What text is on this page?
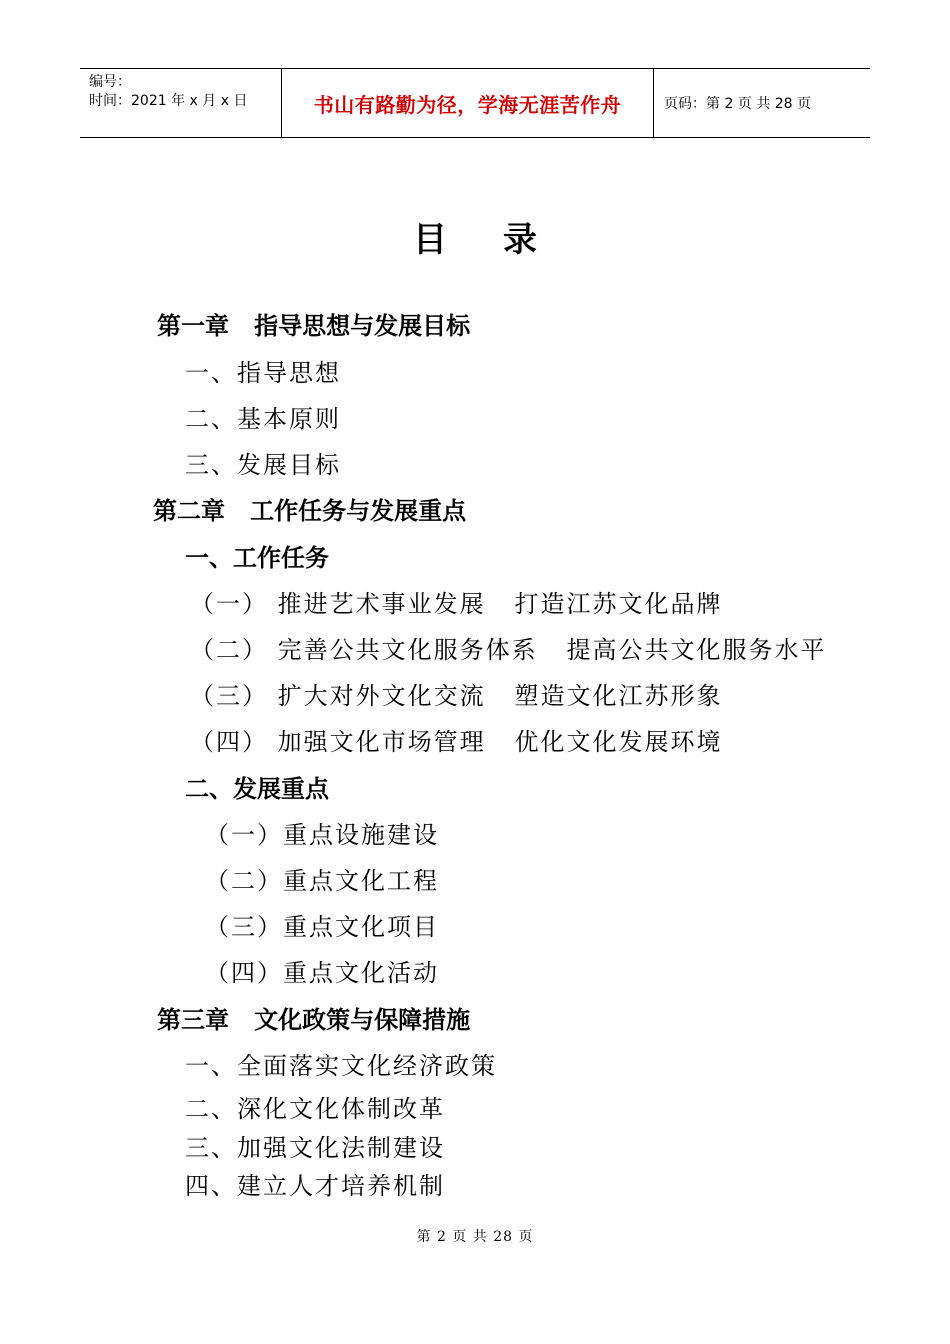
编号：
时间：2021 年 x 月 x 日	书山有路勤为径，学海无涯苦作舟	页码：第 2 页 共 28 页
目录
第一章   指导思想与发展目标
一、指导思想
二、基本原则
三、发展目标
第二章   工作任务与发展重点
一、工作任务
（一） 推进艺术事业发展   打造江苏文化品牌
（二） 完善公共文化服务体系   提高公共文化服务水平
（三） 扩大对外文化交流   塑造文化江苏形象
（四） 加强文化市场管理   优化文化发展环境
二、发展重点
（一）重点设施建设
（二）重点文化工程
（三）重点文化项目
（四）重点文化活动
第三章   文化政策与保障措施
一、全面落实文化经济政策
二、深化文化体制改革
三、加强文化法制建设
四、建立人才培养机制
第 2 页 共 28 页
